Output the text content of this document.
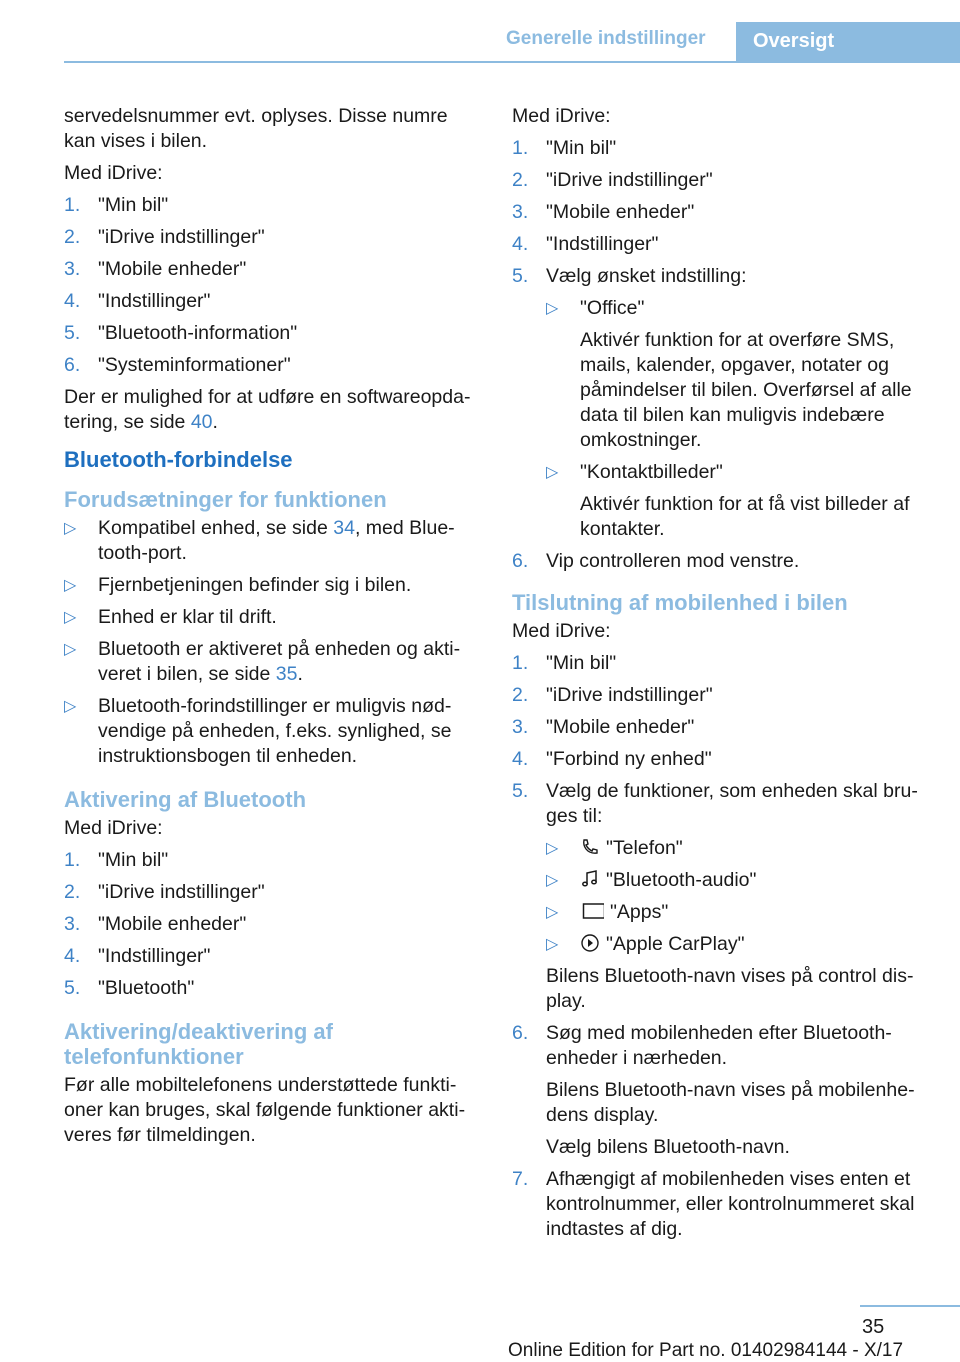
Generelle indstillinger	Oversigt

servedelsnummer evt. oplyses. Disse numre kan vises i bilen.

Med iDrive:

1. "Min bil"
2. "iDrive indstillinger"
3. "Mobile enheder"
4. "Indstillinger"
5. "Bluetooth-information"
6. "Systeminformationer"

Der er mulighed for at udføre en softwareopdatering, se side 40.

Bluetooth-forbindelse
Forudsætninger for funktionen
▷ Kompatibel enhed, se side 34, med Bluetooth-port.
▷ Fjernbetjeningen befinder sig i bilen.
▷ Enhed er klar til drift.
▷ Bluetooth er aktiveret på enheden og aktiveret i bilen, se side 35.
▷ Bluetooth-forindstillinger er muligvis nødvendige på enheden, f.eks. synlighed, se instruktionsbogen til enheden.
Aktivering af Bluetooth

Med iDrive:

1. "Min bil"
2. "iDrive indstillinger"
3. "Mobile enheder"
4. "Indstillinger"
5. "Bluetooth"
Aktivering/deaktivering af telefonfunktioner

Før alle mobiltelefonens understøttede funktioner kan bruges, skal følgende funktioner aktiveres før tilmeldingen.

Med iDrive:

1. "Min bil"
2. "iDrive indstillinger"
3. "Mobile enheder"
4. "Indstillinger"
5. Vælg ønsket indstilling:
▷ "Office"
Aktivér funktion for at overføre SMS, mails, kalender, opgaver, notater og påmindelser til bilen. Overførsel af alle data til bilen kan muligvis indebære omkostninger.
▷ "Kontaktbilleder"
Aktivér funktion for at få vist billeder af kontakter.
6. Vip controlleren mod venstre.
Tilslutning af mobilenhed i bilen

Med iDrive:

1. "Min bil"
2. "iDrive indstillinger"
3. "Mobile enheder"
4. "Forbind ny enhed"
5. Vælg de funktioner, som enheden skal bruges til:
▷ "Telefon"
▷ "Bluetooth-audio"
▷	"Apps"
▷ "Apple CarPlay"
Bilens Bluetooth-navn vises på control display.
6. Søg med mobilenheden efter Bluetooth-enheder i nærheden.
Bilens Bluetooth-navn vises på mobilenhedens display.
Vælg bilens Bluetooth-navn.
7. Afhængigt af mobilenheden vises enten et kontrolnummer, eller kontrolnummeret skal indtastes af dig.
35
Online Edition for Part no. 01402984144 - X/17
